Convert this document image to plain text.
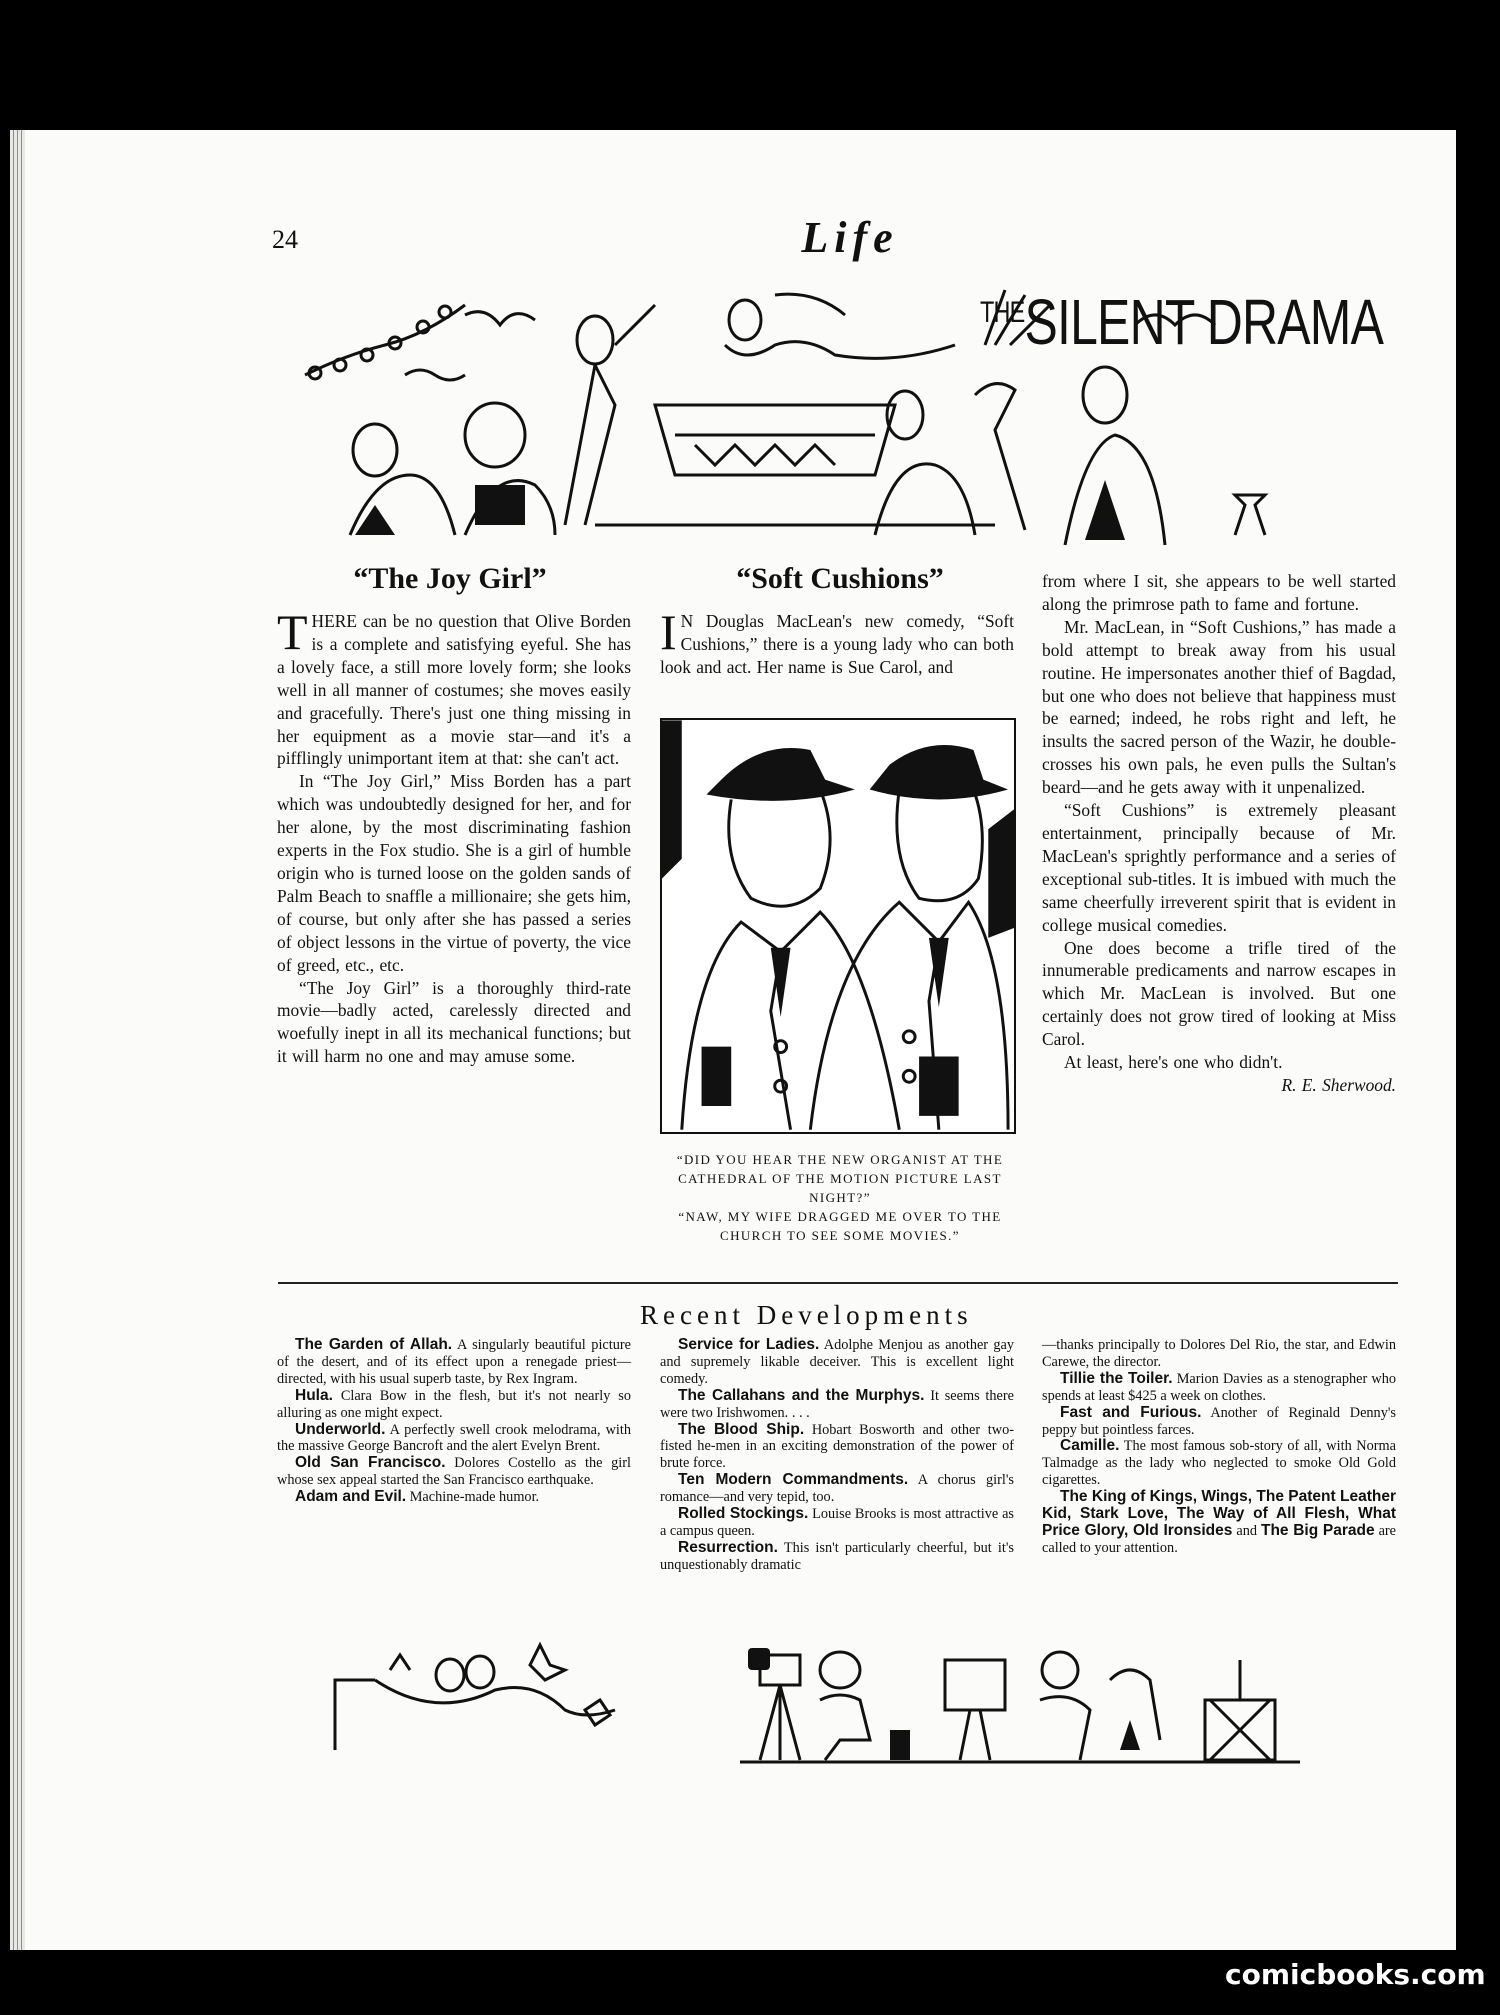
24	Life
$^{THE}$SILENT DRAMA
“The Joy Girl”

THERE can be no question that Olive Borden is a complete and satisfying eyeful. She has a lovely face, a still more lovely form; she looks well in all manner of costumes; she moves easily and gracefully. There's just one thing missing in her equipment as a movie star—and it's a pifflingly unimportant item at that: she can't act.

In “The Joy Girl,” Miss Borden has a part which was undoubtedly designed for her, and for her alone, by the most discriminating fashion experts in the Fox studio. She is a girl of humble origin who is turned loose on the golden sands of Palm Beach to snaffle a millionaire; she gets him, of course, but only after she has passed a series of object lessons in the virtue of poverty, the vice of greed, etc., etc.

“The Joy Girl” is a thoroughly third-rate movie—badly acted, carelessly directed and woefully inept in all its mechanical functions; but it will harm no one and may amuse some.

“Soft Cushions”

I N Douglas MacLean's new comedy, “Soft Cushions,” there is a young lady who can both look and act. Her name is Sue Carol, and

“DID YOU HEAR THE NEW ORGANIST AT THE CATHEDRAL OF THE MOTION PICTURE LAST NIGHT?”

“NAW, MY WIFE DRAGGED ME OVER TO THE CHURCH TO SEE SOME MOVIES.”

from where I sit, she appears to be well started along the primrose path to fame and fortune.

Mr. MacLean, in “Soft Cushions,” has made a bold attempt to break away from his usual routine. He impersonates another thief of Bagdad, but one who does not believe that happiness must be earned; indeed, he robs right and left, he insults the sacred person of the Wazir, he double-crosses his own pals, he even pulls the Sultan's beard—and he gets away with it unpenalized.

“Soft Cushions” is extremely pleasant entertainment, principally because of Mr. MacLean's sprightly performance and a series of exceptional sub-titles. It is imbued with much the same cheerfully irreverent spirit that is evident in college musical comedies.

One does become a trifle tired of the innumerable predicaments and narrow escapes in which Mr. MacLean is involved. But one certainly does not grow tired of looking at Miss Carol.

At least, here's one who didn't.

R. E. Sherwood.

Recent Developments

The Garden of Allah. A singularly beautiful picture of the desert, and of its effect upon a renegade priest—directed, with his usual superb taste, by Rex Ingram.

Hula. Clara Bow in the flesh, but it's not nearly so alluring as one might expect.

Underworld. A perfectly swell crook melodrama, with the massive George Bancroft and the alert Evelyn Brent.

Old San Francisco. Dolores Costello as the girl whose sex appeal started the San Francisco earthquake.

Adam and Evil. Machine-made humor.

Service for Ladies. Adolphe Menjou as another gay and supremely likable deceiver. This is excellent light comedy.

The Callahans and the Murphys. It seems there were two Irishwomen. . . .

The Blood Ship. Hobart Bosworth and other two-fisted he-men in an exciting demonstration of the power of brute force.

Ten Modern Commandments. A chorus girl's romance—and very tepid, too.

Rolled Stockings. Louise Brooks is most attractive as a campus queen.

Resurrection. This isn't particularly cheerful, but it's unquestionably dramatic

—thanks principally to Dolores Del Rio, the star, and Edwin Carewe, the director.

Tillie the Toiler. Marion Davies as a stenographer who spends at least $425 a week on clothes.

Fast and Furious. Another of Reginald Denny's peppy but pointless farces.

Camille. The most famous sob-story of all, with Norma Talmadge as the lady who neglected to smoke Old Gold cigarettes.

The King of Kings, Wings, The Patent Leather Kid, Stark Love, The Way of All Flesh, What Price Glory, Old Ironsides and The Big Parade are called to your attention.

comicbooks.com
